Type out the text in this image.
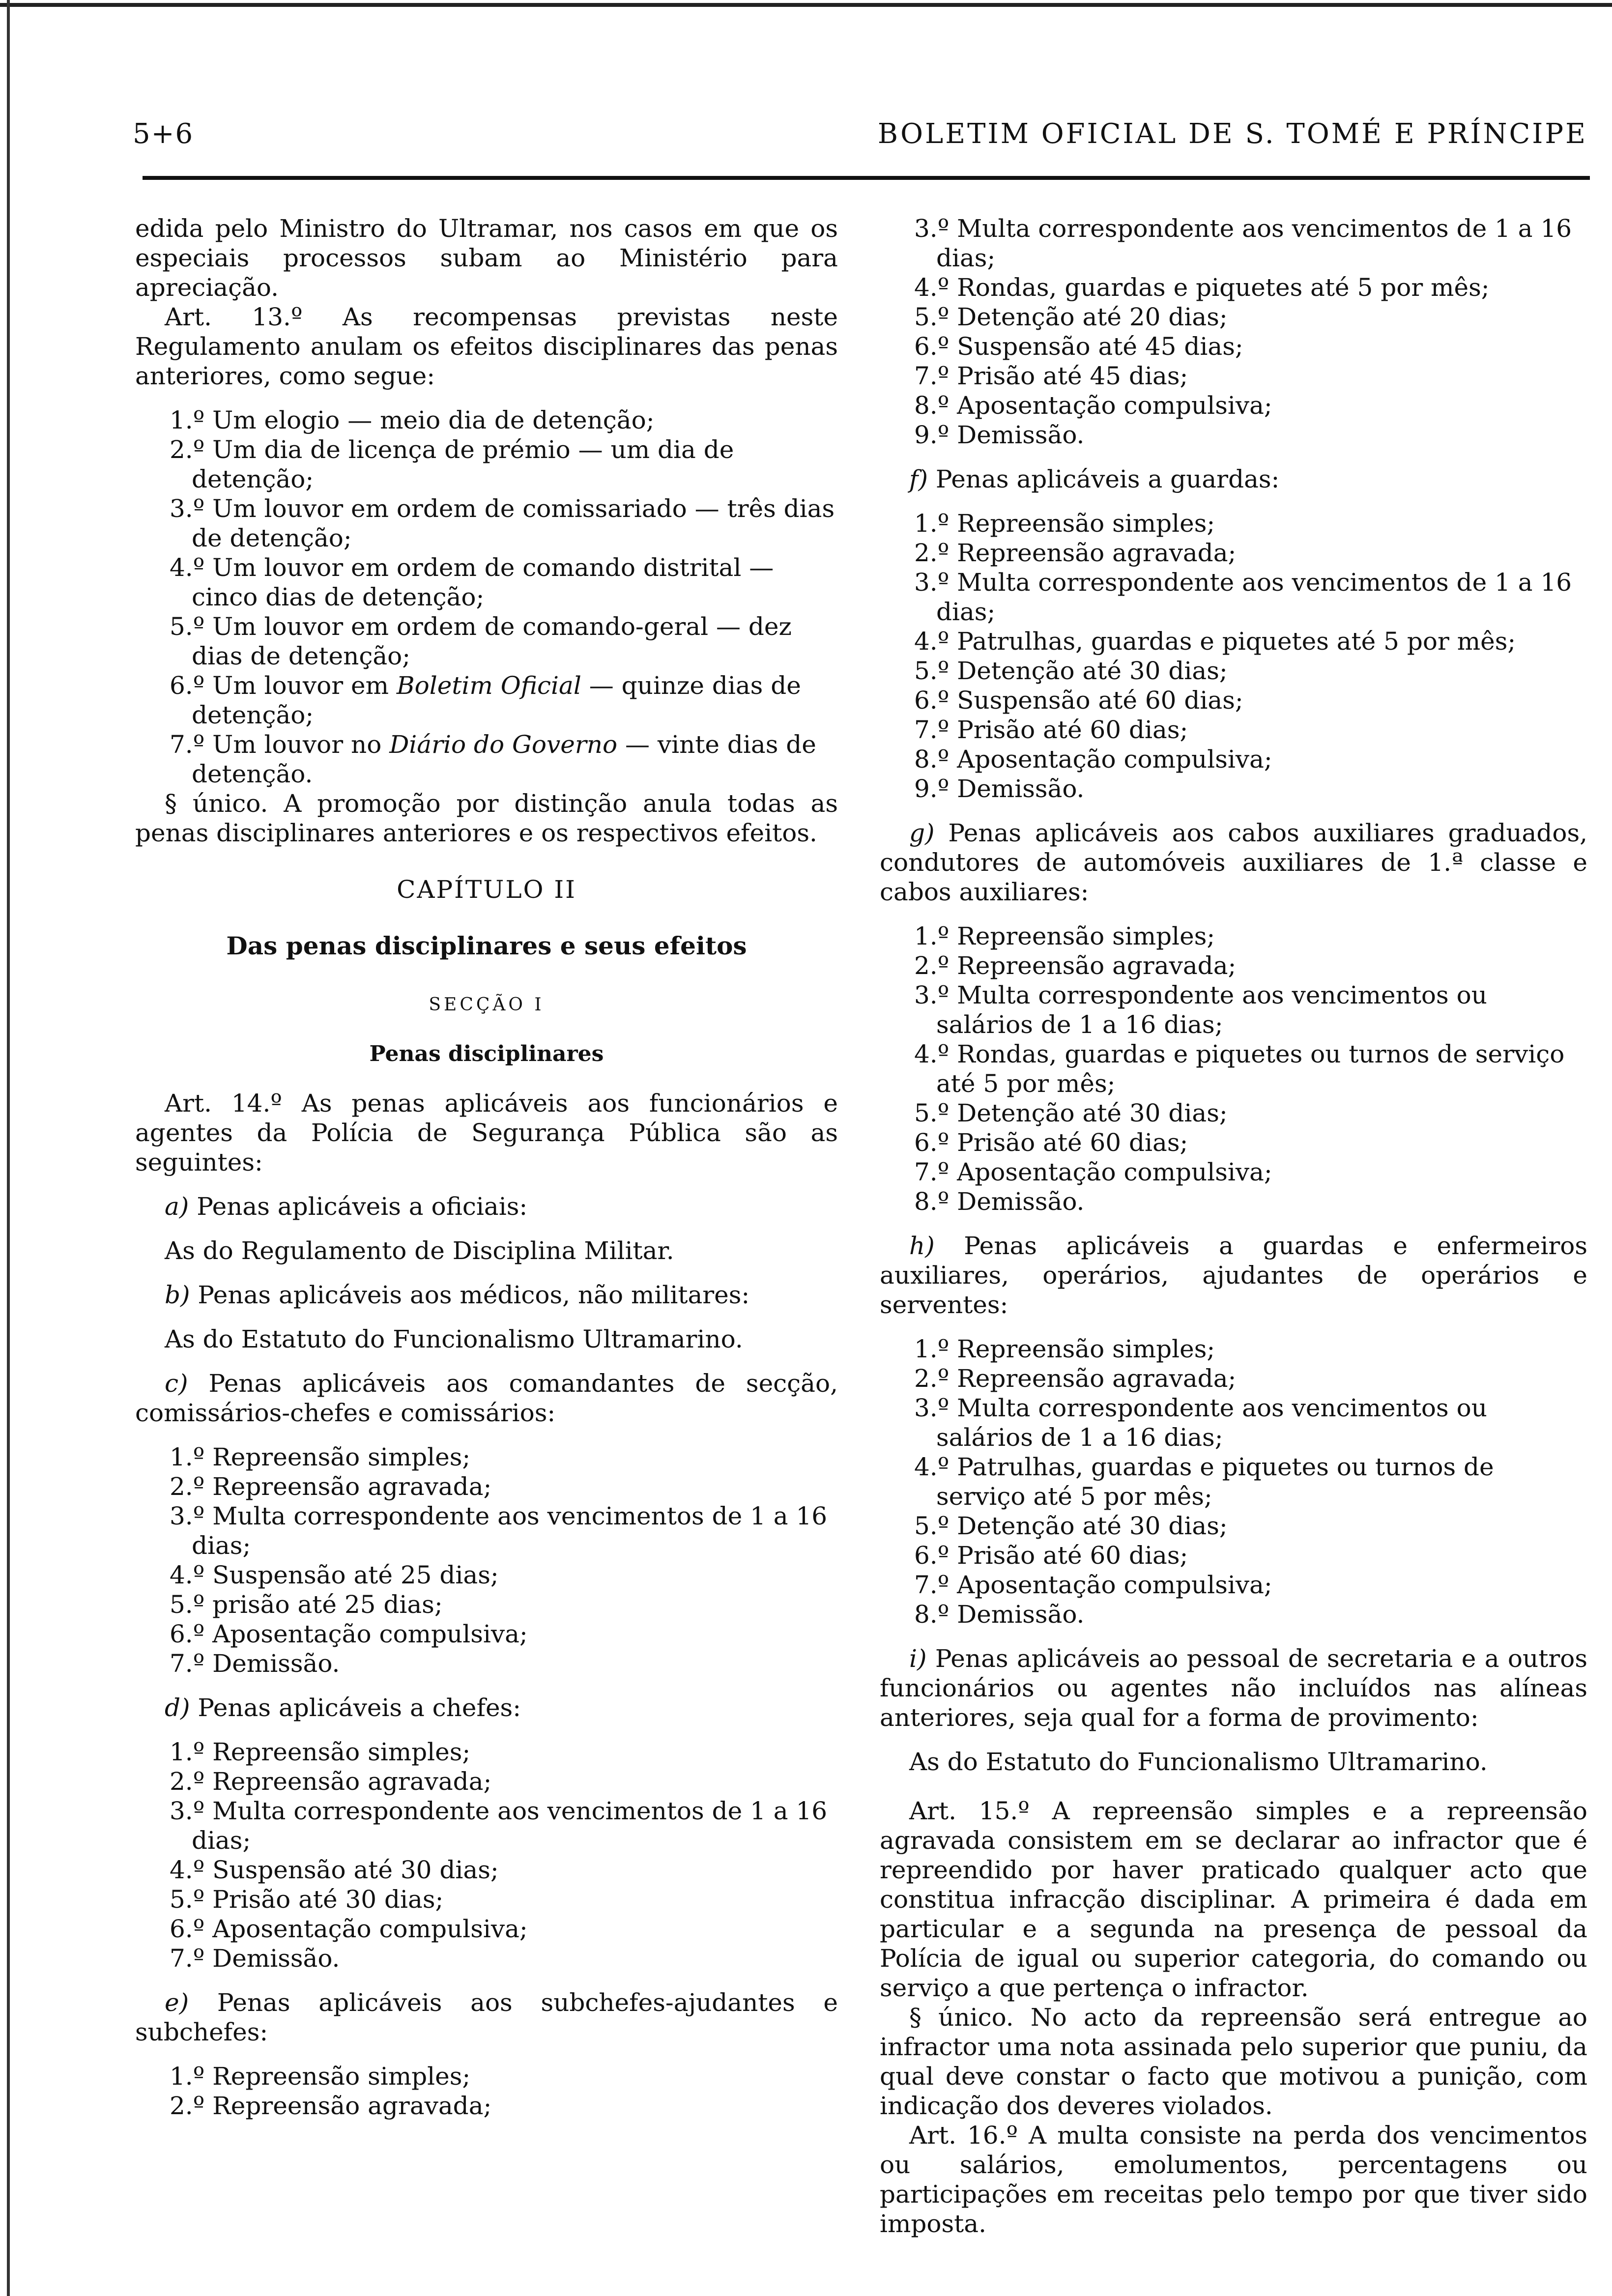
5+6	BOLETIM OFICIAL DE S. TOMÉ E PRÍNCIPE

edida pelo Ministro do Ultramar, nos casos em que os especiais processos subam ao Ministério para apreciação.

Art. 13.º As recompensas previstas neste Regulamento anulam os efeitos disciplinares das penas anteriores, como segue:

1.º Um elogio — meio dia de detenção;

2.º Um dia de licença de prémio — um dia de detenção;

3.º Um louvor em ordem de comissariado — três dias de detenção;

4.º Um louvor em ordem de comando distrital — cinco dias de detenção;

5.º Um louvor em ordem de comando-geral — dez dias de detenção;

6.º Um louvor em Boletim Oficial — quinze dias de detenção;

7.º Um louvor no Diário do Governo — vinte dias de detenção.

§ único. A promoção por distinção anula todas as penas disciplinares anteriores e os respectivos efeitos.

CAPÍTULO II

Das penas disciplinares e seus efeitos

SECÇÃO I

Penas disciplinares

Art. 14.º As penas aplicáveis aos funcionários e agentes da Polícia de Segurança Pública são as seguintes:

a) Penas aplicáveis a oficiais:

As do Regulamento de Disciplina Militar.

b) Penas aplicáveis aos médicos, não militares:

As do Estatuto do Funcionalismo Ultramarino.

c) Penas aplicáveis aos comandantes de secção, comissários-chefes e comissários:

1.º Repreensão simples;

2.º Repreensão agravada;

3.º Multa correspondente aos vencimentos de 1 a 16 dias;

4.º Suspensão até 25 dias;

5.º prisão até 25 dias;

6.º Aposentação compulsiva;

7.º Demissão.

d) Penas aplicáveis a chefes:

1.º Repreensão simples;

2.º Repreensão agravada;

3.º Multa correspondente aos vencimentos de 1 a 16 dias;

4.º Suspensão até 30 dias;

5.º Prisão até 30 dias;

6.º Aposentação compulsiva;

7.º Demissão.

e) Penas aplicáveis aos subchefes-ajudantes e subchefes:

1.º Repreensão simples;

2.º Repreensão agravada;

3.º Multa correspondente aos vencimentos de 1 a 16 dias;

4.º Rondas, guardas e piquetes até 5 por mês;

5.º Detenção até 20 dias;

6.º Suspensão até 45 dias;

7.º Prisão até 45 dias;

8.º Aposentação compulsiva;

9.º Demissão.

f) Penas aplicáveis a guardas:

1.º Repreensão simples;

2.º Repreensão agravada;

3.º Multa correspondente aos vencimentos de 1 a 16 dias;

4.º Patrulhas, guardas e piquetes até 5 por mês;

5.º Detenção até 30 dias;

6.º Suspensão até 60 dias;

7.º Prisão até 60 dias;

8.º Aposentação compulsiva;

9.º Demissão.

g) Penas aplicáveis aos cabos auxiliares graduados, condutores de automóveis auxiliares de 1.ª classe e cabos auxiliares:

1.º Repreensão simples;

2.º Repreensão agravada;

3.º Multa correspondente aos vencimentos ou salários de 1 a 16 dias;

4.º Rondas, guardas e piquetes ou turnos de serviço até 5 por mês;

5.º Detenção até 30 dias;

6.º Prisão até 60 dias;

7.º Aposentação compulsiva;

8.º Demissão.

h) Penas aplicáveis a guardas e enfermeiros auxiliares, operários, ajudantes de operários e serventes:

1.º Repreensão simples;

2.º Repreensão agravada;

3.º Multa correspondente aos vencimentos ou salários de 1 a 16 dias;

4.º Patrulhas, guardas e piquetes ou turnos de serviço até 5 por mês;

5.º Detenção até 30 dias;

6.º Prisão até 60 dias;

7.º Aposentação compulsiva;

8.º Demissão.

i) Penas aplicáveis ao pessoal de secretaria e a outros funcionários ou agentes não incluídos nas alíneas anteriores, seja qual for a forma de provimento:

As do Estatuto do Funcionalismo Ultramarino.

Art. 15.º A repreensão simples e a repreensão agravada consistem em se declarar ao infractor que é repreendido por haver praticado qualquer acto que constitua infracção disciplinar. A primeira é dada em particular e a segunda na presença de pessoal da Polícia de igual ou superior categoria, do comando ou serviço a que pertença o infractor.

§ único. No acto da repreensão será entregue ao infractor uma nota assinada pelo superior que puniu, da qual deve constar o facto que motivou a punição, com indicação dos deveres violados.

Art. 16.º A multa consiste na perda dos vencimentos ou salários, emolumentos, percentagens ou participações em receitas pelo tempo por que tiver sido imposta.
